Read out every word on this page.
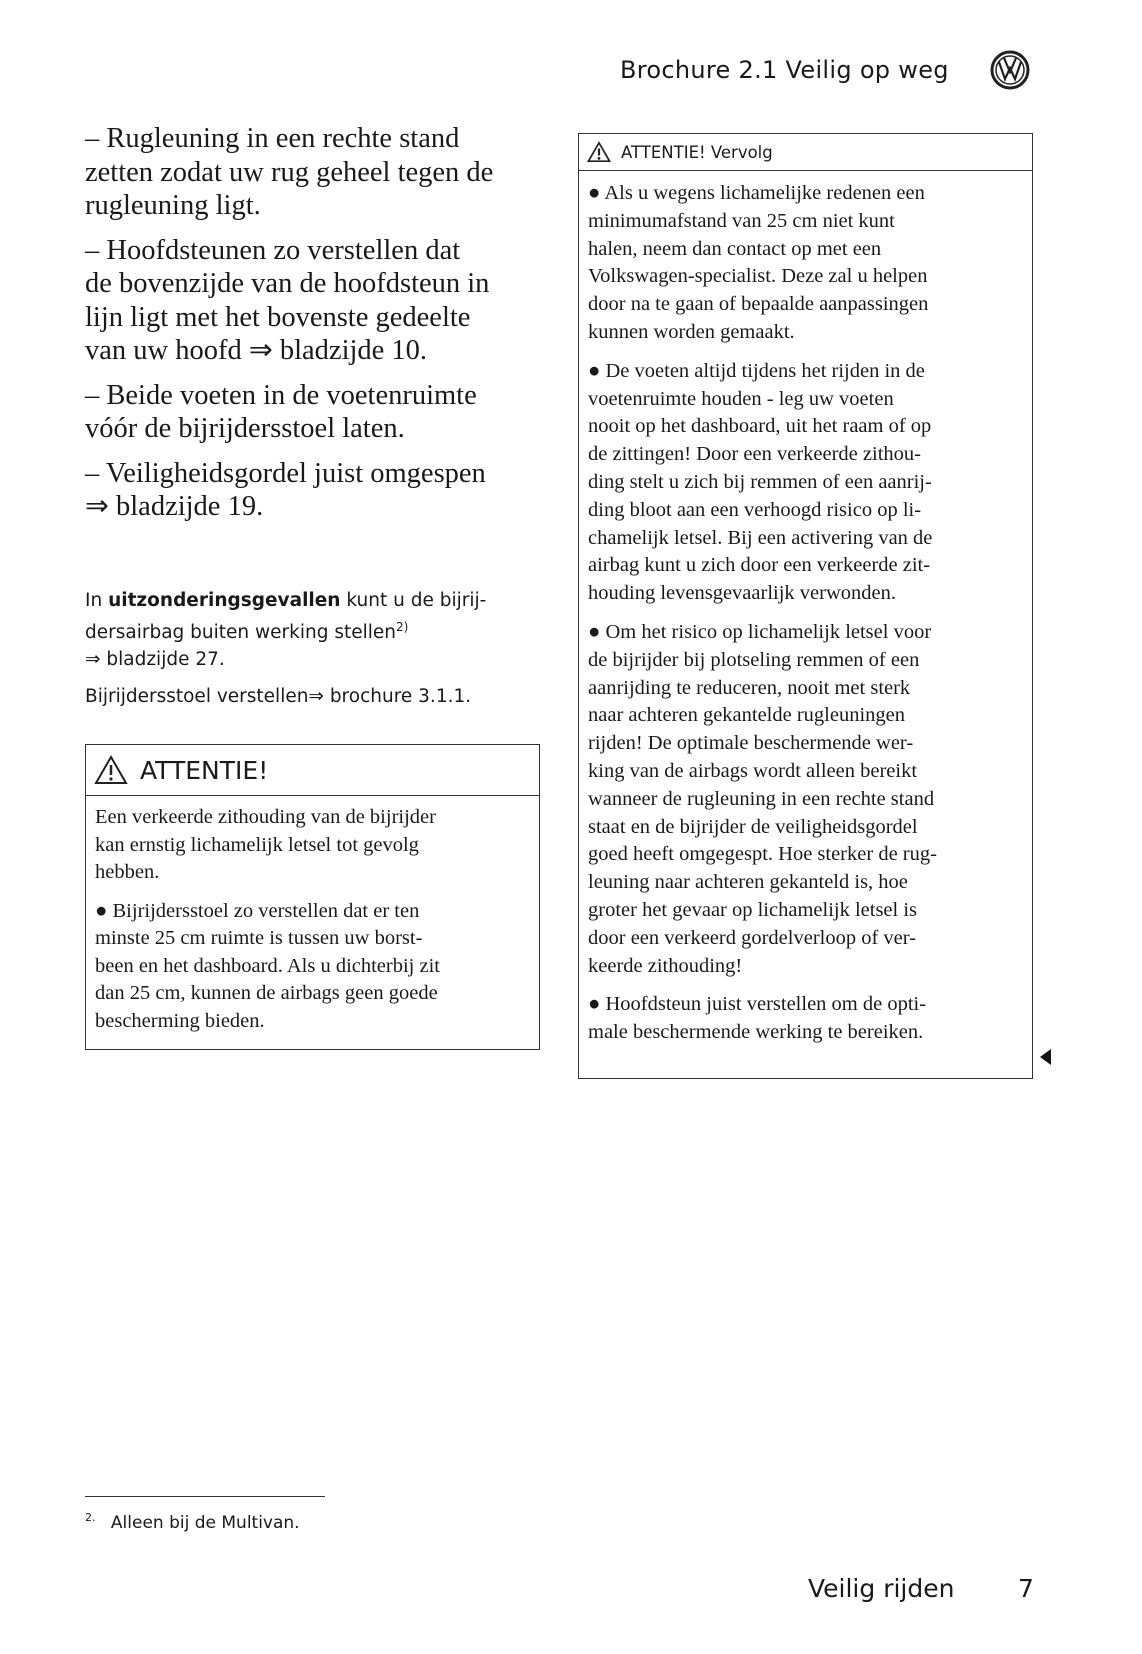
Brochure 2.1 Veilig op weg
– Rugleuning in een rechte stand
zetten zodat uw rug geheel tegen de
rugleuning ligt.
– Hoofdsteunen zo verstellen dat
de bovenzijde van de hoofdsteun in
lijn ligt met het bovenste gedeelte
van uw hoofd ⇒ bladzijde 10.
– Beide voeten in de voetenruimte
vóór de bijrijdersstoel laten.
– Veiligheidsgordel juist omgespen
⇒ bladzijde 19.
In uitzonderingsgevallen kunt u de bijrij-
dersairbag buiten werking stellen$^{2)}$
⇒ bladzijde 27.
Bijrijdersstoel verstellen⇒ brochure 3.1.1.
ATTENTIE!
Een verkeerde zithouding van de bijrijder
kan ernstig lichamelijk letsel tot gevolg
hebben.
● Bijrijdersstoel zo verstellen dat er ten
minste 25 cm ruimte is tussen uw borst-
been en het dashboard. Als u dichterbij zit
dan 25 cm, kunnen de airbags geen goede
bescherming bieden.
ATTENTIE! Vervolg
● Als u wegens lichamelijke redenen een
minimumafstand van 25 cm niet kunt
halen, neem dan contact op met een
Volkswagen-specialist. Deze zal u helpen
door na te gaan of bepaalde aanpassingen
kunnen worden gemaakt.
● De voeten altijd tijdens het rijden in de
voetenruimte houden - leg uw voeten
nooit op het dashboard, uit het raam of op
de zittingen! Door een verkeerde zithou-
ding stelt u zich bij remmen of een aanrij-
ding bloot aan een verhoogd risico op li-
chamelijk letsel. Bij een activering van de
airbag kunt u zich door een verkeerde zit-
houding levensgevaarlijk verwonden.
● Om het risico op lichamelijk letsel voor
de bijrijder bij plotseling remmen of een
aanrijding te reduceren, nooit met sterk
naar achteren gekantelde rugleuningen
rijden! De optimale beschermende wer-
king van de airbags wordt alleen bereikt
wanneer de rugleuning in een rechte stand
staat en de bijrijder de veiligheidsgordel
goed heeft omgegespt. Hoe sterker de rug-
leuning naar achteren gekanteld is, hoe
groter het gevaar op lichamelijk letsel is
door een verkeerd gordelverloop of ver-
keerde zithouding!
● Hoofdsteun juist verstellen om de opti-
male beschermende werking te bereiken.
$^{2.}$ Alleen bij de Multivan.
Veilig rijden	7
